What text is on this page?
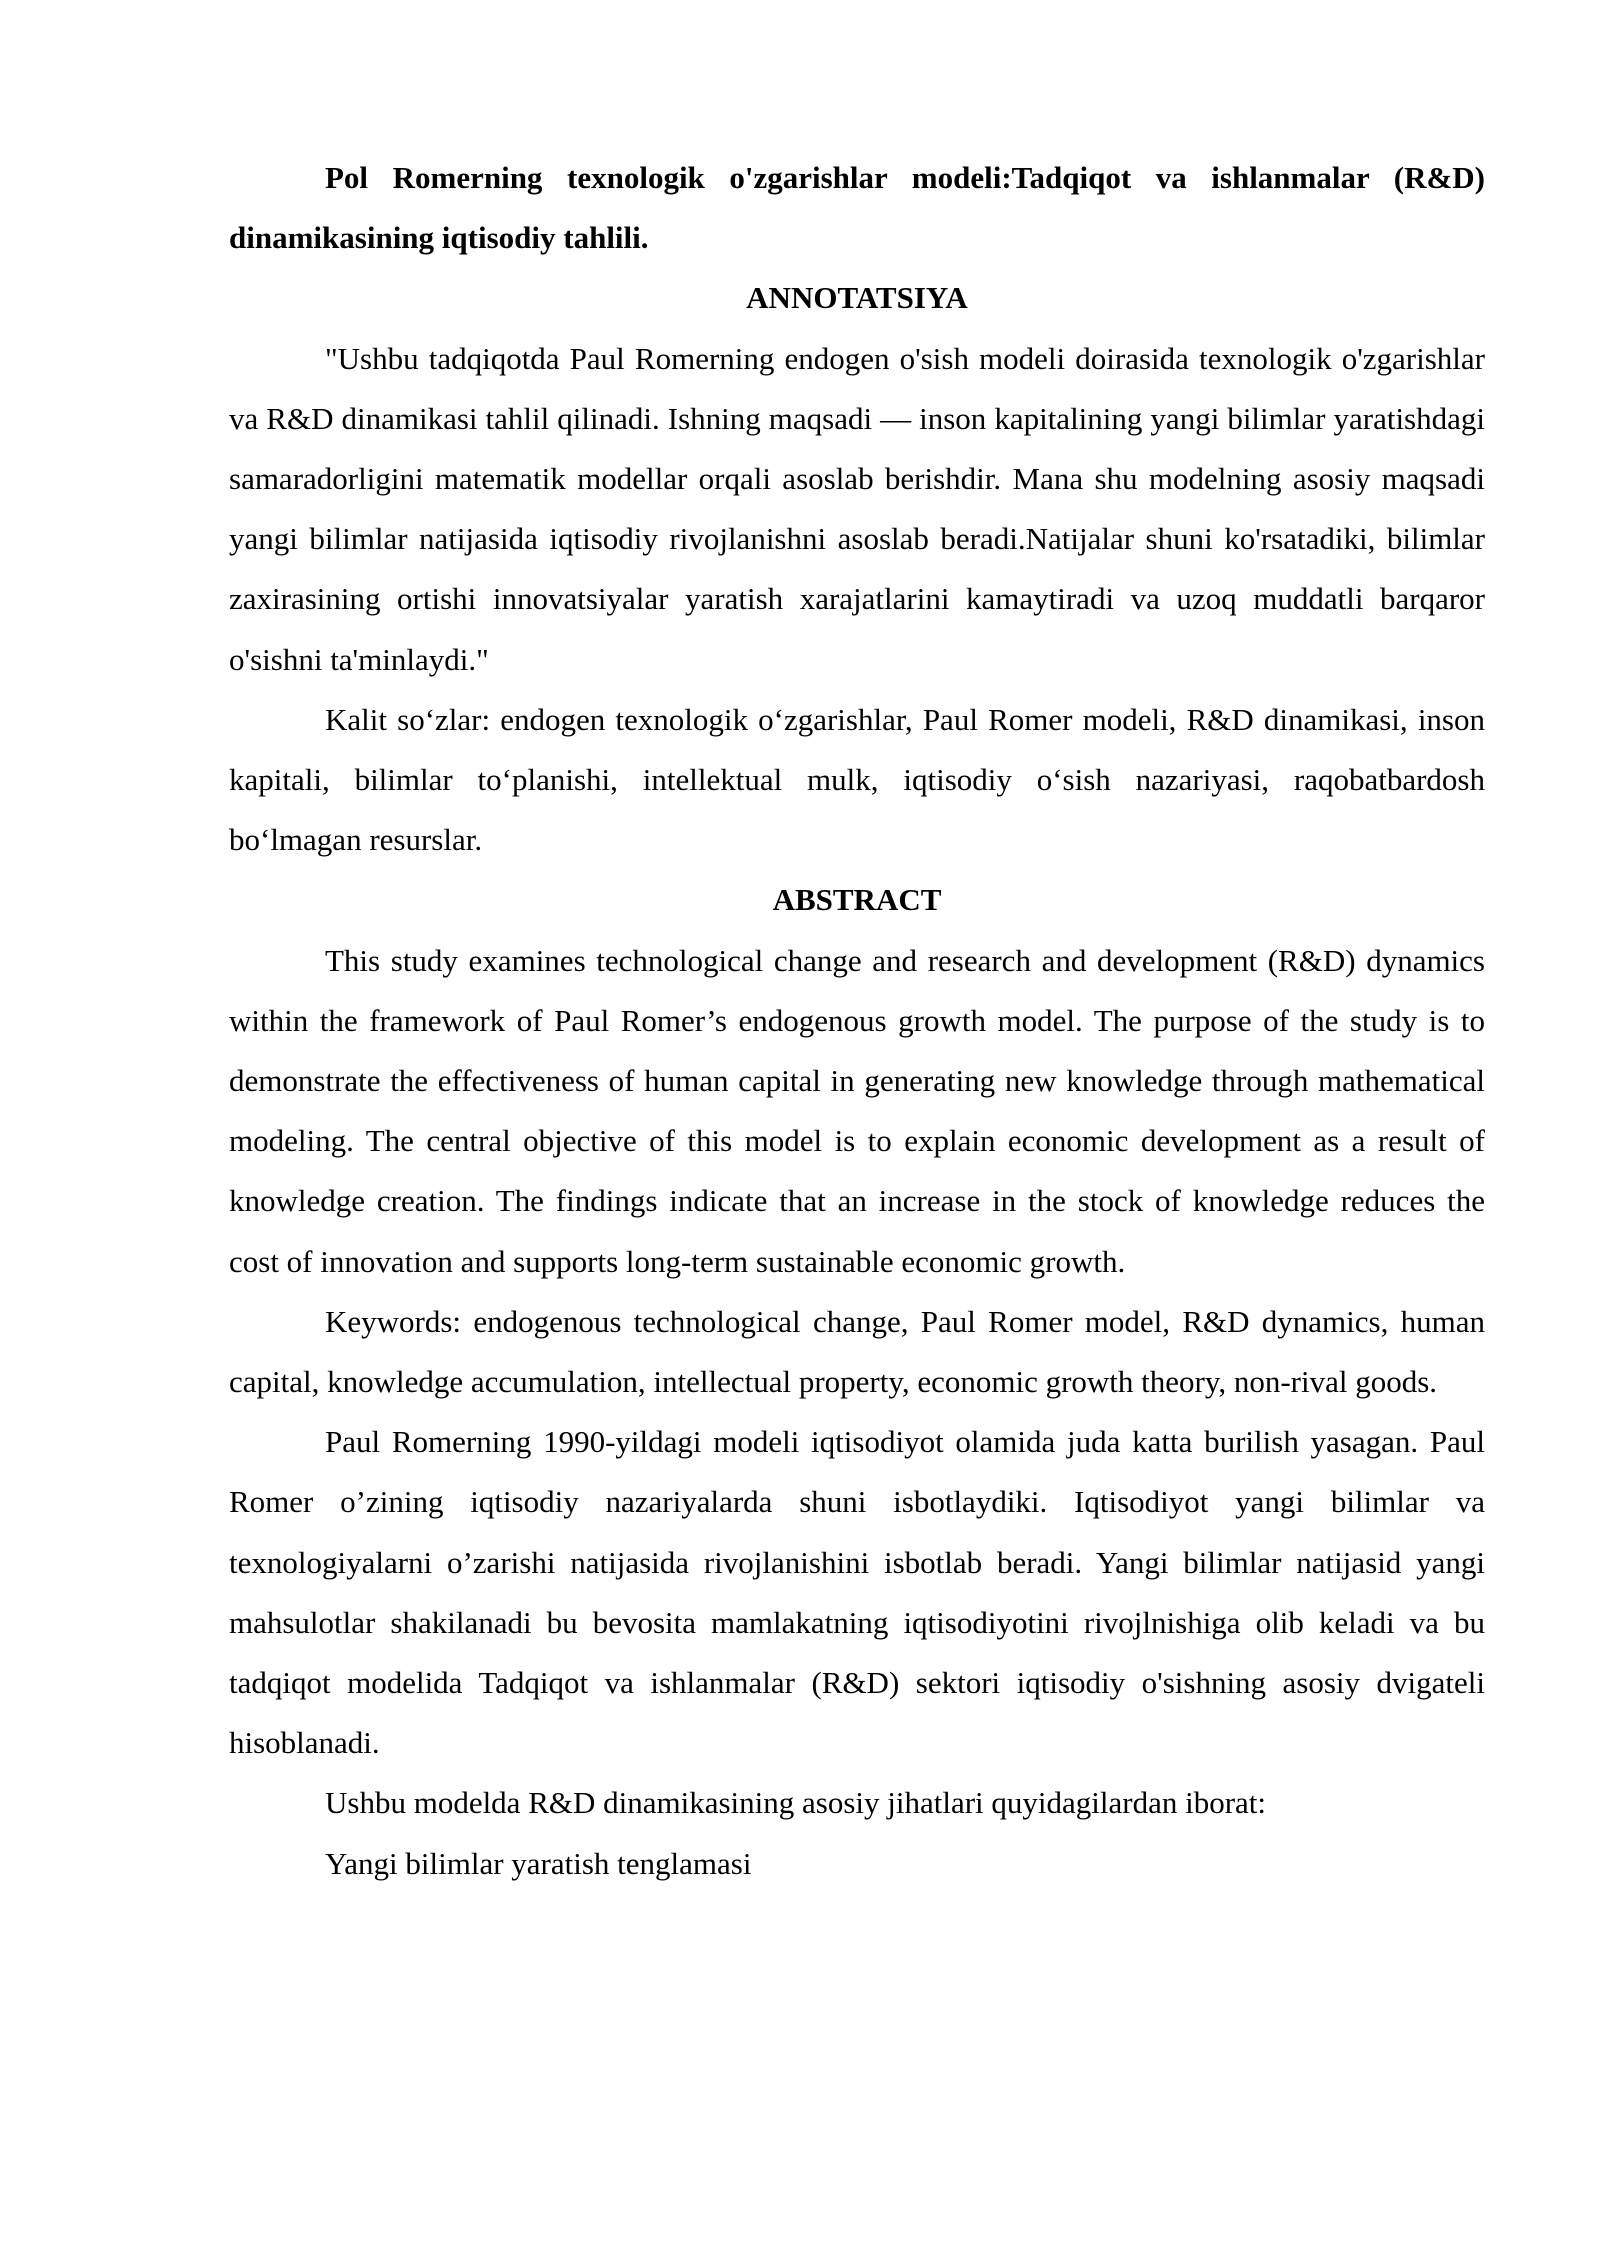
Pol Romerning texnologik o'zgarishlar modeli:Tadqiqot va ishlanmalar (R&D) dinamikasining iqtisodiy tahlili.

ANNOTATSIYA

"Ushbu tadqiqotda Paul Romerning endogen o'sish modeli doirasida texnologik o'zgarishlar va R&D dinamikasi tahlil qilinadi. Ishning maqsadi — inson kapitalining yangi bilimlar yaratishdagi samaradorligini matematik modellar orqali asoslab berishdir. Mana shu modelning asosiy maqsadi yangi bilimlar natijasida iqtisodiy rivojlanishni asoslab beradi.Natijalar shuni ko'rsatadiki, bilimlar zaxirasining ortishi innovatsiyalar yaratish xarajatlarini kamaytiradi va uzoq muddatli barqaror o'sishni ta'minlaydi."

Kalit so‘zlar: endogen texnologik o‘zgarishlar, Paul Romer modeli, R&D dinamikasi, inson kapitali, bilimlar to‘planishi, intellektual mulk, iqtisodiy o‘sish nazariyasi, raqobatbardosh bo‘lmagan resurslar.

ABSTRACT

This study examines technological change and research and development (R&D) dynamics within the framework of Paul Romer’s endogenous growth model. The purpose of the study is to demonstrate the effectiveness of human capital in generating new knowledge through mathematical modeling. The central objective of this model is to explain economic development as a result of knowledge creation. The findings indicate that an increase in the stock of knowledge reduces the cost of innovation and supports long-term sustainable economic growth.

Keywords: endogenous technological change, Paul Romer model, R&D dynamics, human capital, knowledge accumulation, intellectual property, economic growth theory, non-rival goods.

Paul Romerning 1990-yildagi modeli iqtisodiyot olamida juda katta burilish yasagan. Paul Romer o’zining iqtisodiy nazariyalarda shuni isbotlaydiki. Iqtisodiyot yangi bilimlar va texnologiyalarni o’zarishi natijasida rivojlanishini isbotlab beradi. Yangi bilimlar natijasid yangi mahsulotlar shakilanadi bu bevosita mamlakatning iqtisodiyotini rivojlnishiga olib keladi va bu tadqiqot modelida Tadqiqot va ishlanmalar (R&D) sektori iqtisodiy o'sishning asosiy dvigateli hisoblanadi.

Ushbu modelda R&D dinamikasining asosiy jihatlari quyidagilardan iborat:

Yangi bilimlar yaratish tenglamasi
